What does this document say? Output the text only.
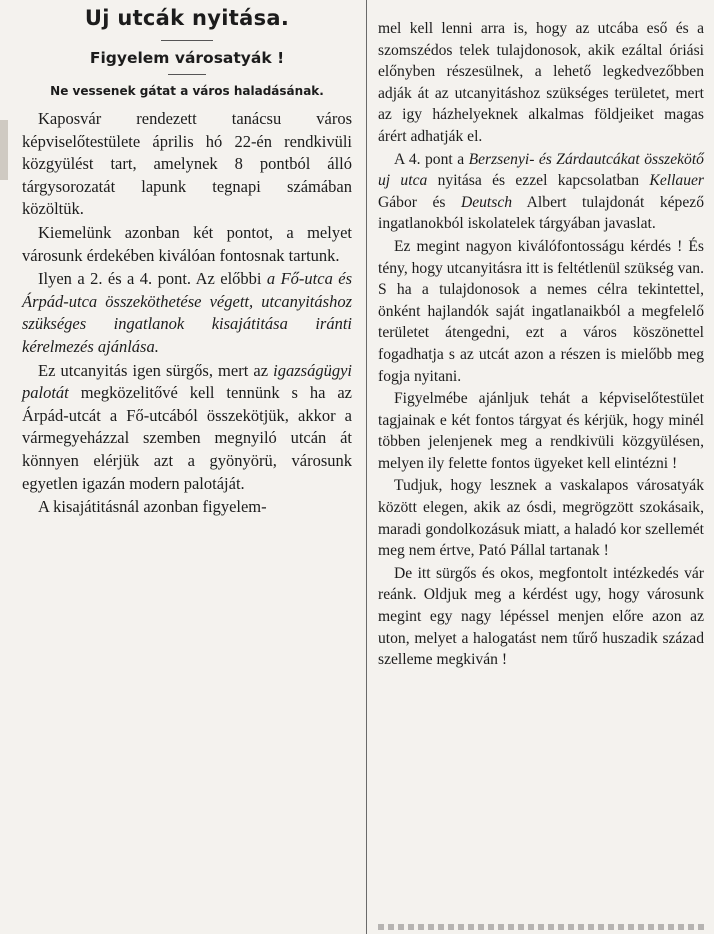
Uj utcák nyitása.
Figyelem városatyák !
Ne vessenek gátat a város haladásának.

Kaposvár rendezett tanácsu város képviselőtestülete április hó 22-én rendkivüli közgyülést tart, amelynek 8 pontból álló tárgysorozatát lapunk tegnapi számában közöltük.

Kiemelünk azonban két pontot, a melyet városunk érdekében kiválóan fontosnak tartunk.

Ilyen a 2. és a 4. pont. Az előbbi a Fő-utca és Árpád-utca összeköthetése végett, utcanyitáshoz szükséges ingatlanok kisajátitása iránti kérelmezés ajánlása.

Ez utcanyitás igen sürgős, mert az igazságügyi palotát megközelitővé kell tennünk s ha az Árpád-utcát a Fő-utcából összekötjük, akkor a vármegyeházzal szemben megnyiló utcán át könnyen elérjük azt a gyönyörü, városunk egyetlen igazán modern palotáját.

A kisajátitásnál azonban figyelem-

mel kell lenni arra is, hogy az utcába eső és a szomszédos telek tulajdonosok, akik ezáltal óriási előnyben részesülnek, a lehető legkedvezőbben adják át az utcanyitáshoz szükséges területet, mert az igy házhelyeknek alkalmas földjeiket magas árért adhatják el.

A 4. pont a Berzsenyi- és Zárdautcákat összekötő uj utca nyitása és ezzel kapcsolatban Kellauer Gábor és Deutsch Albert tulajdonát képező ingatlanokból iskolatelek tárgyában javaslat.

Ez megint nagyon kiválófontosságu kérdés ! És tény, hogy utcanyitásra itt is feltétlenül szükség van. S ha a tulajdonosok a nemes célra tekintettel, önként hajlandók saját ingatlanaikból a megfelelő területet átengedni, ezt a város köszönettel fogadhatja s az utcát azon a részen is mielőbb meg fogja nyitani.

Figyelmébe ajánljuk tehát a képviselőtestület tagjainak e két fontos tárgyat és kérjük, hogy minél többen jelenjenek meg a rendkivüli közgyülésen, melyen ily felette fontos ügyeket kell elintézni !

Tudjuk, hogy lesznek a vaskalapos városatyák között elegen, akik az ósdi, megrögzött szokásaik, maradi gondolkozásuk miatt, a haladó kor szellemét meg nem értve, Pató Pállal tartanak !

De itt sürgős és okos, megfontolt intézkedés vár reánk. Oldjuk meg a kérdést ugy, hogy városunk megint egy nagy lépéssel menjen előre azon az uton, melyet a halogatást nem tűrő huszadik század szelleme megkiván !
